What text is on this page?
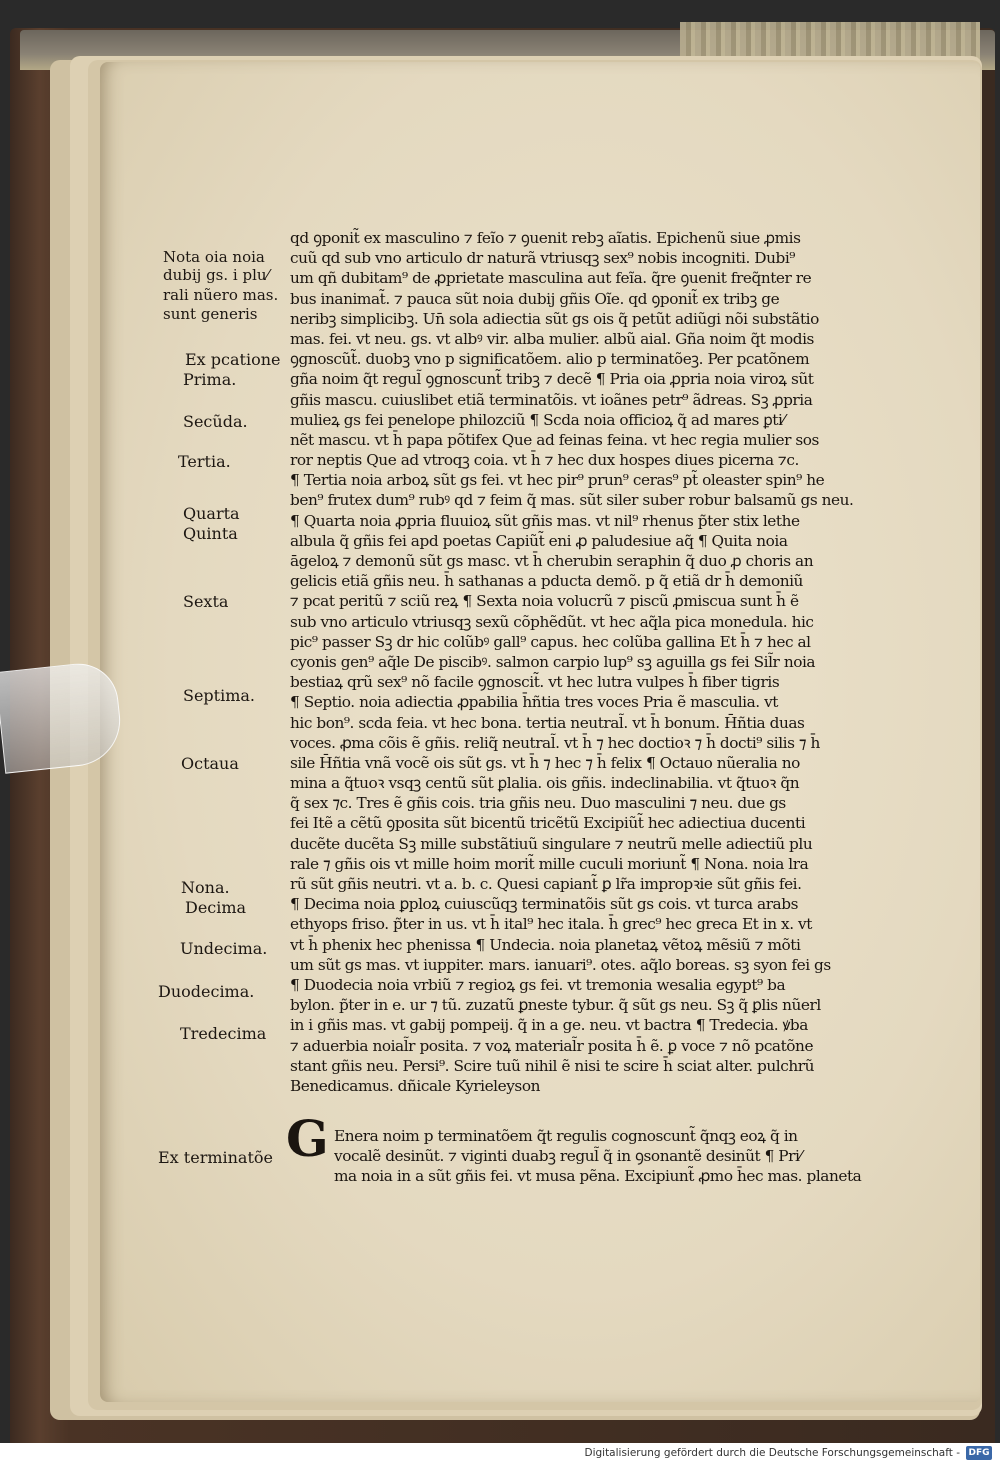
Nota oia noia
dubij gs. i plu⁄
rali nũero mas.
sunt generis
Ex pcatione
Prima.
Secũda.
Tertia.
Quarta
Quinta
Sexta
Septima.
Octaua
Nona.
Decima
Undecima.
Duodecima.
Tredecima
Ex terminatõe
qd ꝯponit̃ ex masculino ⁊ feĩo ⁊ ꝯuenit rebꝫ aĩatis. Epichenũ siue ꝓmis
cuũ qd sub vno articulo dr naturã vtriusqꝫ sex⁹ nobis incogniti. Dubi⁹
um qñ dubitam⁹ de ꝓprietate masculina aut feĩa. q̃re ꝯuenit freq̃nter re
bus inanimat̃. ⁊ pauca sũt noia dubij gñis Oĩe. qd ꝯponit̃ ex tribꝫ ge
neribꝫ simplicibꝫ. Un̄ sola adiectia sũt gs ois q̃ petũt adiũgi nõi substãtio
mas. fei. vt neu. gs. vt albꝰ vir. alba mulier. albũ aial. Gña noim q̃t modis
ꝯgnoscũt̃. duobꝫ vno p significatõem. alio p terminatõeꝫ. Per pcatõnem
gña noim q̃t regul̃ ꝯgnoscunt̃ tribꝫ ⁊ decẽ ¶ Pria oia ꝓpria noia viroꝝ sũt
gñis mascu. cuiuslibet etiã terminatõis. vt ioãnes petr⁹ ãdreas. Sꝫ ꝓpria
mulieꝝ gs fei penelope philozciũ ¶ Scda noia officioꝝ q̃ ad mares ꝑti⁄
nẽt mascu. vt h̄ papa põtifex Que ad feinas feina. vt hec regia mulier sos
ror neptis Que ad vtroqꝫ coia. vt h̄ ⁊ hec dux hospes diues picerna ⁊c.
¶ Tertia noia arboꝝ sũt gs fei. vt hec pir⁹ prun⁹ ceras⁹ pt̃ oleaster spin⁹ he
ben⁹ frutex dum⁹ rubꝰ qd ⁊ feim q̃ mas. sũt siler suber robur balsamũ gs neu.
¶ Quarta noia ꝓpria fluuioꝝ sũt gñis mas. vt nil⁹ rhenus p̃ter stix lethe
albula q̃ gñis fei apd poetas Capiũt̃ eni ꝓ paludesiue aq̃ ¶ Quita noia
āgeloꝝ ⁊ demonũ sũt gs masc. vt h̄ cherubin seraphin q̃ duo ꝓ choris an
gelicis etiã gñis neu. h̄ sathanas a pducta demõ. p q̃ etiã dr h̄ demoniũ
⁊ pcat peritũ ⁊ sciũ reꝝ ¶ Sexta noia volucrũ ⁊ piscũ ꝓmiscua sunt h̄ ẽ
sub vno articulo vtriusqꝫ sexũ cõphẽdũt. vt hec aq̃la pica monedula. hic
pic⁹ passer Sꝫ dr hic colũbꝰ gall⁹ capus. hec colũba gallina Et h̄ ⁊ hec al
cyonis gen⁹ aq̃le De piscibꝰ. salmon carpio lup⁹ sꝫ aguilla gs fei Sil̃r noia
bestiaꝝ qrũ sex⁹ nõ facile ꝯgnoscit̃. vt hec lutra vulpes h̄ fiber tigris
¶ Septio. noia adiectia ꝓpabilia h̄ñtia tres voces Pria ẽ masculia. vt
hic bon⁹. scda feia. vt hec bona. tertia neutral̃. vt h̄ bonum. H̄ñtia duas
voces. ꝓma cõis ẽ gñis. reliq̃ neutral̃. vt h̄ ⁊ hec doctioꝛ ⁊ h̄ docti⁹ silis ⁊ h̄
sile H̄ñtia vnã vocẽ ois sũt gs. vt h̄ ⁊ hec ⁊ h̄ felix ¶ Octauo nũeralia no
mina a q̃tuoꝛ vsqꝫ centũ sũt ꝑlalia. ois gñis. indeclinabilia. vt q̃tuoꝛ q̃n
q̃ sex ⁊c. Tres ẽ gñis cois. tria gñis neu. Duo masculini ⁊ neu. due gs
fei Itẽ a cẽtũ ꝯposita sũt bicentũ tricẽtũ Excipiũt̃ hec adiectiua ducenti
ducẽte ducẽta Sꝫ mille substãtiuũ singulare ⁊ neutrũ melle adiectiũ plu
rale ⁊ gñis ois vt mille hoim morit̃ mille cuculi moriunt̃ ¶ Nona. noia lra
rũ sũt gñis neutri. vt a. b. c. Quesi capiant̃ ꝑ lr̃a impropꝛie sũt gñis fei.
¶ Decima noia ꝑploꝝ cuiuscũqꝫ terminatõis sũt gs cois. vt turca arabs
ethyops friso. p̃ter in us. vt h̄ ital⁹ hec itala. h̄ grec⁹ hec greca Et in x. vt
vt h̄ phenix hec phenissa ¶ Undecia. noia planetaꝝ vẽtoꝝ mẽsiũ ⁊ mõti
um sũt gs mas. vt iuppiter. mars. ianuari⁹. otes. aq̃lo boreas. sꝫ syon fei gs
¶ Duodecia noia vrbiũ ⁊ regioꝝ gs fei. vt tremonia wesalia egypt⁹ ba
bylon. p̃ter in e. ur ⁊ tũ. zuzatũ ꝑneste tybur. q̃ sũt gs neu. Sꝫ q̃ ꝑlis nũerl
in i gñis mas. vt gabij pompeij. q̃ in a ge. neu. vt bactra ¶ Tredecia. ꝟba
⁊ aduerbia noial̃r posita. ⁊ voꝝ material̃r posita h̄ ẽ. ꝑ voce ⁊ nõ pcatõne
stant gñis neu. Persi⁹. Scire tuũ nihil ẽ nisi te scire h̄ sciat alter. pulchrũ
Benedicamus. dñicale Kyrieleyson
G Enera noim p terminatõem q̃t regulis cognoscunt̃ q̃nqꝫ eoꝝ q̃ in
vocalẽ desinũt. ⁊ viginti duabꝫ regul̃ q̃ in ꝯsonantẽ desinũt ¶ Pri⁄
ma noia in a sũt gñis fei. vt musa pẽna. Excipiunt̃ ꝓmo h̄ec mas. planeta
Digitalisierung gefördert durch die Deutsche Forschungsgemeinschaft - DFG
